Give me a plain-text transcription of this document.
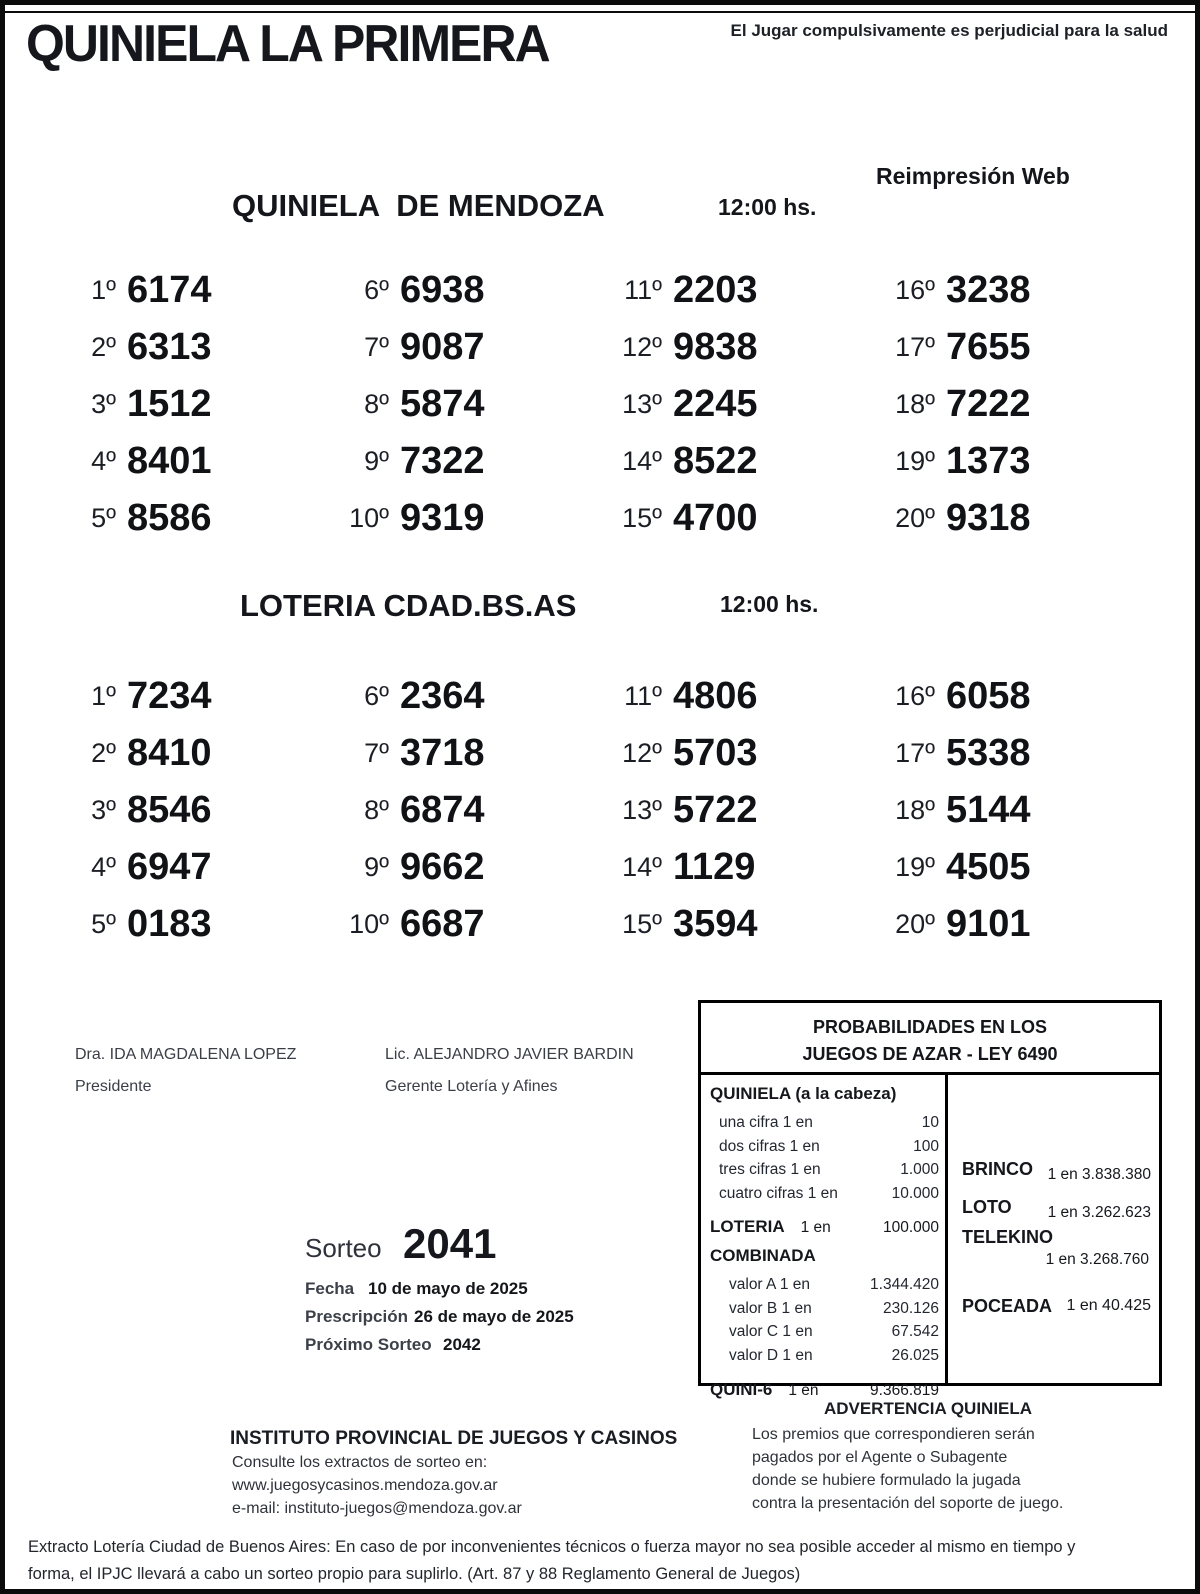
QUINIELA LA PRIMERA	El Jugar compulsivamente es perjudicial para la salud
QUINIELA  DE MENDOZA	12:00 hs.
Reimpresión Web
1º 6174
2º 6313
3º 1512
4º 8401
5º 8586
6º 6938
7º 9087
8º 5874
9º 7322
10º 9319
11º 2203
12º 9838
13º 2245
14º 8522
15º 4700
16º 3238
17º 7655
18º 7222
19º 1373
20º 9318
LOTERIA CDAD.BS.AS	12:00 hs.
1º 7234
2º 8410
3º 8546
4º 6947
5º 0183
6º 2364
7º 3718
8º 6874
9º 9662
10º 6687
11º 4806
12º 5703
13º 5722
14º 1129
15º 3594
16º 6058
17º 5338
18º 5144
19º 4505
20º 9101
Dra. IDA MAGDALENA LOPEZ
Presidente
Lic. ALEJANDRO JAVIER BARDIN
Gerente Lotería y Afines
Sorteo 2041
Fecha 10 de mayo de 2025
Prescripción 26 de mayo de 2025
Próximo Sorteo 2042
PROBABILIDADES EN LOS
JUEGOS DE AZAR - LEY 6490
QUINIELA (a la cabeza)
una cifra 1 en	10
dos cifras 1 en	100
tres cifras 1 en	1.000
cuatro cifras 1 en	10.000
LOTERIA 1 en	100.000
COMBINADA
valor A 1 en	1.344.420
valor B 1 en	230.126
valor C 1 en	67.542
valor D 1 en	26.025
QUINI-6 1 en	9.366.819
BRINCO 1 en 3.838.380
LOTO 1 en 3.262.623
TELEKINO
1 en 3.268.760
POCEADA 1 en 40.425
INSTITUTO PROVINCIAL DE JUEGOS Y CASINOS
Consulte los extractos de sorteo en:
www.juegosycasinos.mendoza.gov.ar
e-mail: instituto-juegos@mendoza.gov.ar
ADVERTENCIA QUINIELA
Los premios que correspondieren serán
pagados por el Agente o Subagente
donde se hubiere formulado la jugada
contra la presentación del soporte de juego.
Extracto Lotería Ciudad de Buenos Aires: En caso de por inconvenientes técnicos o fuerza mayor no sea posible acceder al mismo en tiempo y
forma, el IPJC llevará a cabo un sorteo propio para suplirlo. (Art. 87 y 88 Reglamento General de Juegos)
